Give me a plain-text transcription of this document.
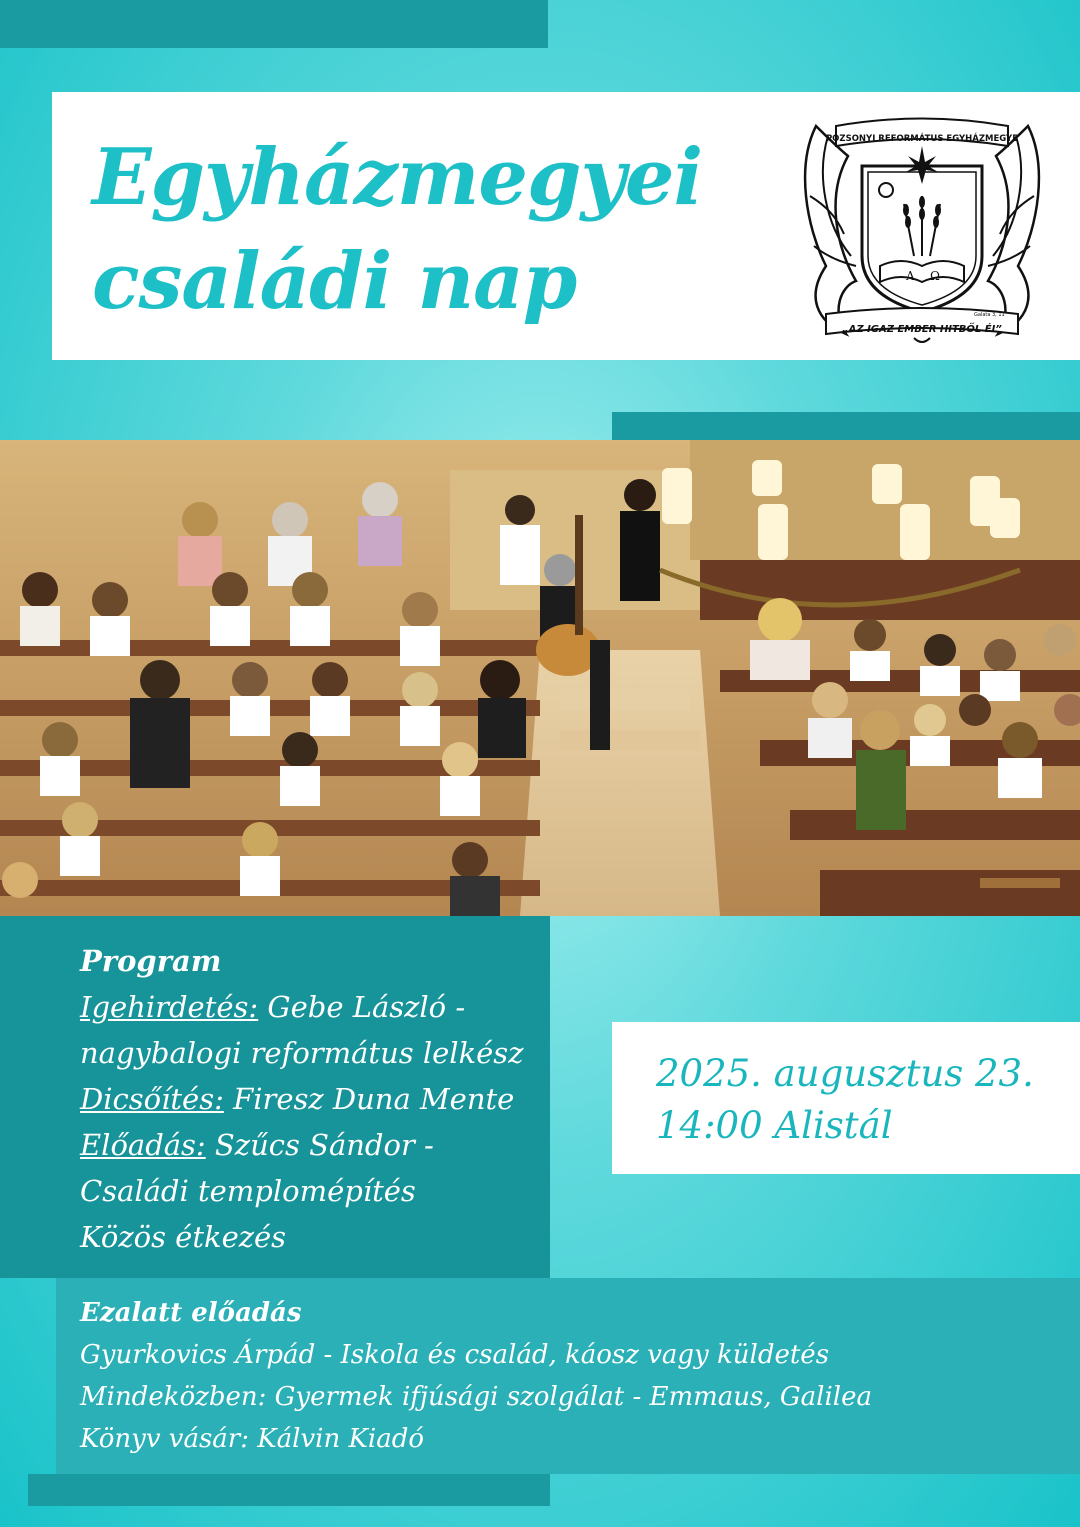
Egyházmegyei
családi nap	A Ω
POZSONYI REFORMÁTUS EGYHÁZMEGYE
Galata 3, 11
„AZ IGAZ EMBER HITBŐL ÉL”
Program
Igehirdetés: Gebe László -
nagybalogi református lelkész
Dicsőítés: Firesz Duna Mente
Előadás: Szűcs Sándor -
Családi templomépítés
Közös étkezés
2025. augusztus 23.
14:00 Alistál
Ezalatt előadás
Gyurkovics Árpád - Iskola és család, káosz vagy küldetés
Mindeközben: Gyermek ifjúsági szolgálat - Emmaus, Galilea
Könyv vásár: Kálvin Kiadó
